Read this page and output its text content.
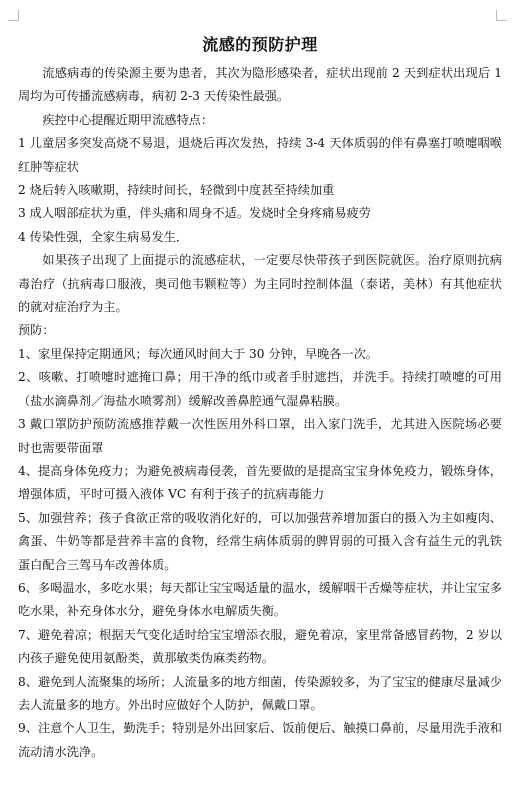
流感的预防护理

流感病毒的传染源主要为患者，其次为隐形感染者，症状出现前 2 天到症状出现后 1 周均为可传播流感病毒，病初 2-3 天传染性最强。

疾控中心提醒近期甲流感特点：

1 儿童居多突发高烧不易退，退烧后再次发热，持续 3-4 天体质弱的伴有鼻塞打喷嚏咽喉红肿等症状

2 烧后转入咳嗽期，持续时间长，轻微到中度甚至持续加重

3 成人咽部症状为重，伴头痛和周身不适。发烧时全身疼痛易疲劳

4 传染性强，全家生病易发生．

如果孩子出现了上面提示的流感症状，一定要尽快带孩子到医院就医。治疗原则抗病毒治疗（抗病毒口服液，奥司他韦颗粒等）为主同时控制体温（泰诺，美林）有其他症状的就对症治疗为主。

预防：

1、家里保持定期通风；每次通风时间大于 30 分钟，早晚各一次。

2、咳嗽、打喷嚏时遮掩口鼻；用干净的纸巾或者手肘遮挡，并洗手。持续打喷嚏的可用（盐水滴鼻剂／海盐水喷雾剂）缓解改善鼻腔通气湿鼻粘膜。

3 戴口罩防护预防流感推荐戴一次性医用外科口罩，出入家门洗手，尤其进入医院场必要时也需要带面罩

4、提高身体免疫力；为避免被病毒侵袭，首先要做的是提高宝宝身体免疫力，锻炼身体，增强体质，平时可摄入液体 VC 有利于孩子的抗病毒能力

5、加强营养；孩子食欲正常的吸收消化好的，可以加强营养增加蛋白的摄入为主如瘦肉、禽蛋、牛奶等都是营养丰富的食物，经常生病体质弱的脾胃弱的可摄入含有益生元的乳铁蛋白配合三驾马车改善体质。

6、多喝温水，多吃水果；每天都让宝宝喝适量的温水，缓解咽干舌燥等症状，并让宝宝多吃水果，补充身体水分，避免身体水电解质失衡。

7、避免着凉；根据天气变化适时给宝宝增添衣服，避免着凉，家里常备感冒药物，2 岁以内孩子避免使用氨酚类，黄那敏类伪麻类药物。

8、避免到人流聚集的场所；人流量多的地方细菌，传染源较多，为了宝宝的健康尽量减少去人流量多的地方。外出时应做好个人防护，佩戴口罩。

9、注意个人卫生，勤洗手；特别是外出回家后、饭前便后、触摸口鼻前，尽量用洗手液和流动清水洗净。
